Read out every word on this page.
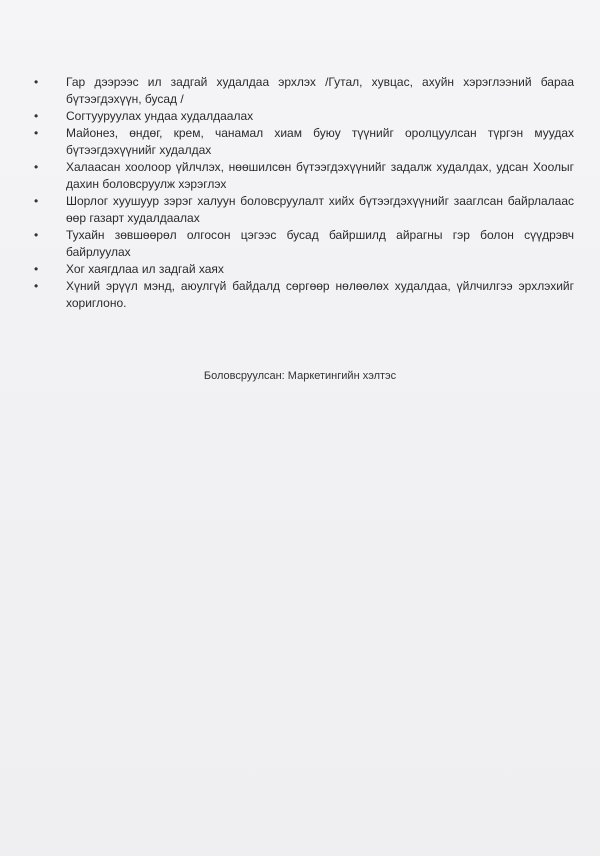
•	Гар дээрээс ил задгай худалдаа эрхлэх /Гутал, хувцас, ахуйн хэрэглээний бараа бүтээгдэхүүн, бусад /
•	Согтууруулах ундаа худалдаалах
•	Майонез, өндөг, крем, чанамал хиам буюу түүнийг оролцуулсан түргэн муудах бүтээгдэхүүнийг худалдах
•	Халаасан хоолоор үйлчлэх, нөөшилсөн бүтээгдэхүүнийг задалж худалдах, удсан Хоолыг дахин боловсруулж хэрэглэх
•	Шорлог хуушуур зэрэг халуун боловсруулалт хийх бүтээгдэхүүнийг зааглсан байрлалаас өөр газарт худалдаалах
•	Тухайн зөвшөөрөл олгосон цэгээс бусад байршилд айрагны гэр болон сүүдрэвч байрлуулах
•	Хог хаягдлаа ил задгай хаях
•	Хүний эрүүл мэнд, аюулгүй байдалд сөргөөр нөлөөлөх худалдаа, үйлчилгээ эрхлэхийг хориглоно.
Боловсруулсан: Маркетингийн хэлтэс
